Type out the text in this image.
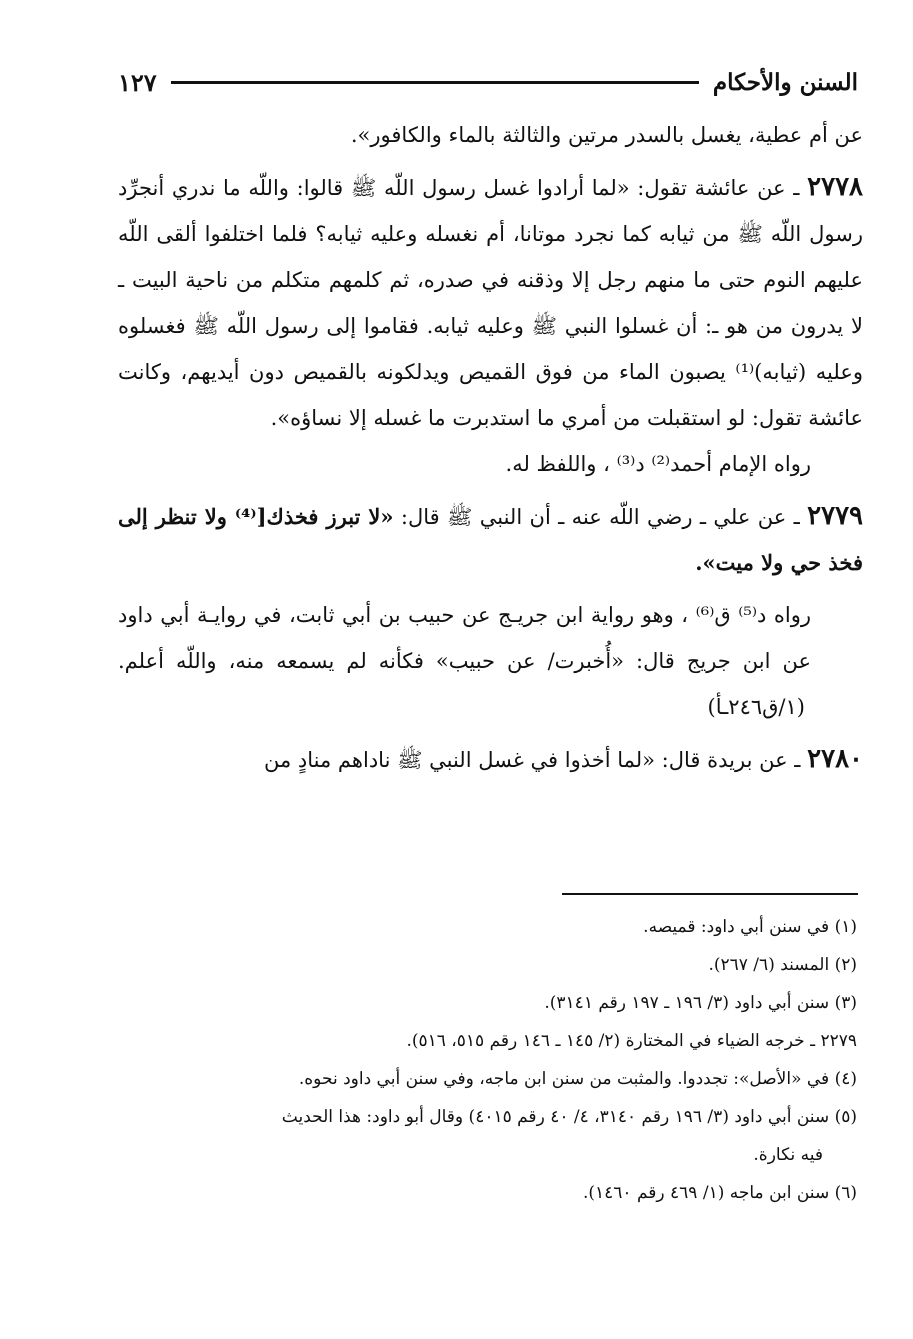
السنن والأحكام
١٢٧

عن أم عطية، يغسل بالسدر مرتين والثالثة بالماء والكافور».

٢٧٧٨ ـ عن عائشة تقول: «لما أرادوا غسل رسول اللّه ﷺ قالوا: واللّه ما ندري أنجرِّد رسول اللّه ﷺ من ثيابه كما نجرد موتانا، أم نغسله وعليه ثيابه؟ فلما اختلفوا ألقى اللّه عليهم النوم حتى ما منهم رجل إلا وذقنه في صدره، ثم كلمهم متكلم من ناحية البيت ـ لا يدرون من هو ـ: أن غسلوا النبي ﷺ وعليه ثيابه. فقاموا إلى رسول اللّه ﷺ فغسلوه وعليه (ثيابه)⁽¹⁾ يصبون الماء من فوق القميص ويدلكونه بالقميص دون أيديهم، وكانت عائشة تقول: لو استقبلت من أمري ما استدبرت ما غسله إلا نساؤه».

رواه الإمام أحمد⁽²⁾ د⁽³⁾ ، واللفظ له.

٢٧٧٩ ـ عن علي ـ رضي اللّه عنه ـ أن النبي ﷺ قال: «لا تبرز فخذك[⁽⁴⁾ ولا تنظر إلى فخذ حي ولا ميت».

رواه د⁽⁵⁾ ق⁽⁶⁾ ، وهو رواية ابن جريـج عن حبيب بن أبي ثابت، في روايـة أبي داود عن ابن جريج قال: «أُخبرت/ عن حبيب» فكأنه لم يسمعه منه، واللّه أعلم. (١/ق٢٤٦ـأ)

٢٧٨٠ ـ عن بريدة قال: «لما أخذوا في غسل النبي ﷺ ناداهم منادٍ من

(١) في سنن أبي داود: قميصه.

(٢) المسند (٦/ ٢٦٧).

(٣) سنن أبي داود (٣/ ١٩٦ ـ ١٩٧ رقم ٣١٤١).

٢٢٧٩ ـ خرجه الضياء في المختارة (٢/ ١٤٥ ـ ١٤٦ رقم ٥١٥، ٥١٦).

(٤) في «الأصل»: تجددوا. والمثبت من سنن ابن ماجه، وفي سنن أبي داود نحوه.

(٥) سنن أبي داود (٣/ ١٩٦ رقم ٣١٤٠، ٤/ ٤٠ رقم ٤٠١٥) وقال أبو داود: هذا الحديث

فيه نكارة.

(٦) سنن ابن ماجه (١/ ٤٦٩ رقم ١٤٦٠).
